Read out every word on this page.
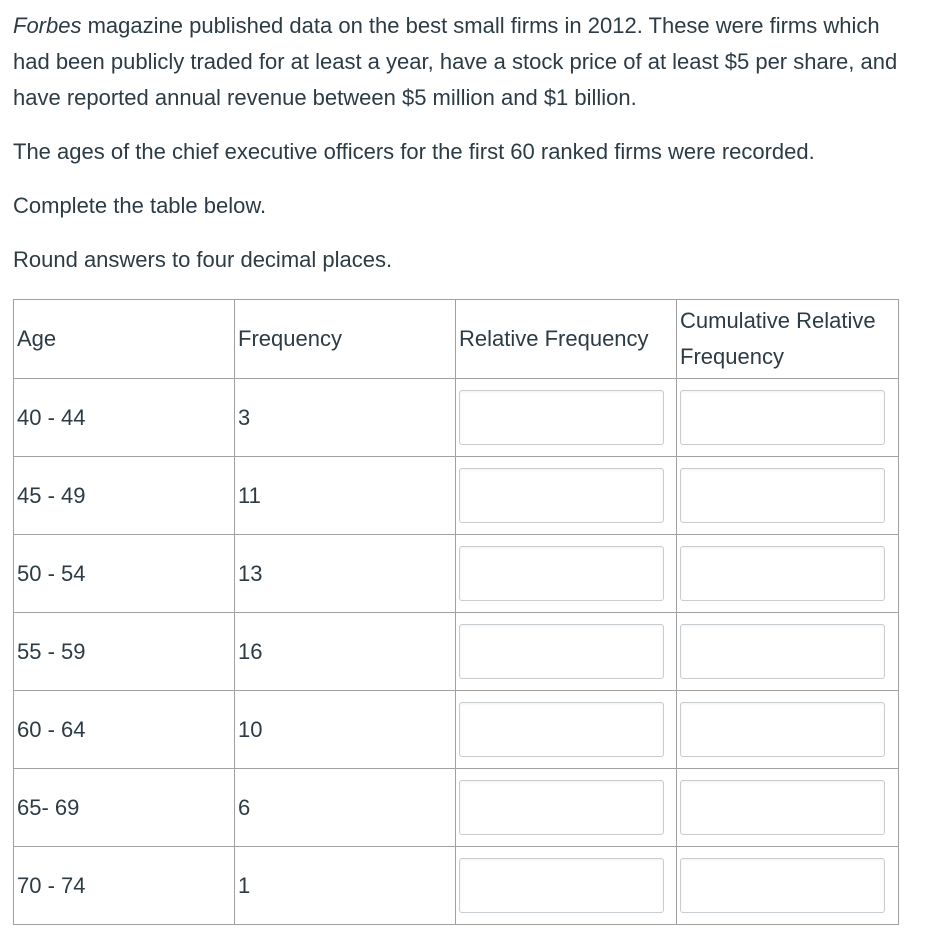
Forbes magazine published data on the best small firms in 2012. These were firms which had been publicly traded for at least a year, have a stock price of at least $5 per share, and have reported annual revenue between $5 million and $1 billion.

The ages of the chief executive officers for the first 60 ranked firms were recorded.

Complete the table below.

Round answers to four decimal places.

Age	Frequency	Relative Frequency	Cumulative Relative Frequency
40 - 44	3	

45 - 49	11	

50 - 54	13	

55 - 59	16	

60 - 64	10	

65- 69	6	

70 - 74	1	
